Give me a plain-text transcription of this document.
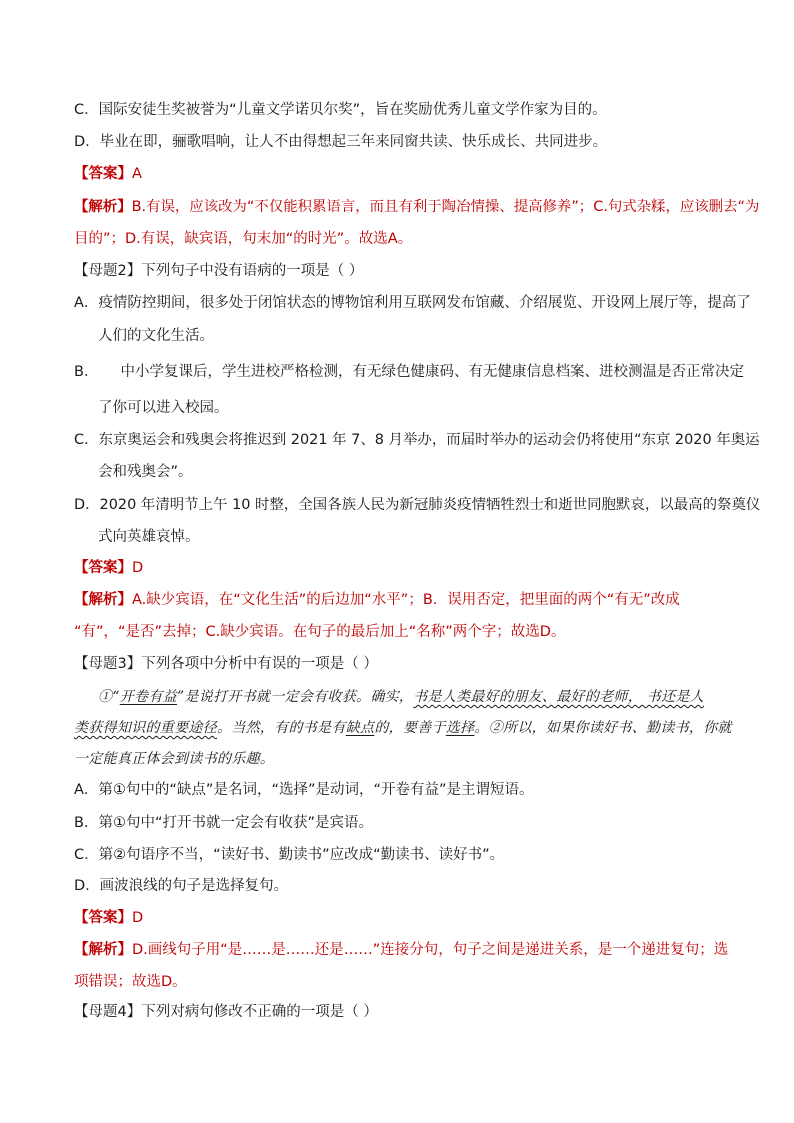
C．国际安徒生奖被誉为“儿童文学诺贝尔奖”，旨在奖励优秀儿童文学作家为目的。
D．毕业在即，骊歌唱响，让人不由得想起三年来同窗共读、快乐成长、共同进步。
【答案】A
【解析】B.有误，应该改为“不仅能积累语言，而且有利于陶冶情操、提高修养”；C.句式杂糅，应该删去“为
目的”；D.有误，缺宾语，句末加“的时光”。故选A。
【母题2】下列句子中没有语病的一项是（ ）
A．疫情防控期间，很多处于闭馆状态的博物馆利用互联网发布馆藏、介绍展览、开设网上展厅等，提高了
人们的文化生活。
B． 中小学复课后，学生进校严格检测，有无绿色健康码、有无健康信息档案、进校测温是否正常决定
了你可以进入校园。
C．东京奥运会和残奥会将推迟到 2021 年 7、8 月举办，而届时举办的运动会仍将使用“东京 2020 年奥运
会和残奥会”。
D．2020 年清明节上午 10 时整，全国各族人民为新冠肺炎疫情牺牲烈士和逝世同胞默哀，以最高的祭奠仪
式向英雄哀悼。
【答案】D
【解析】A.缺少宾语，在“文化生活”的后边加“水平”；B．误用否定，把里面的两个“有无”改成
“有”，“是否”去掉；C.缺少宾语。在句子的最后加上“名称”两个字；故选D。
【母题3】下列各项中分析中有误的一项是（ ）
①“开卷有益”是说打开书就一定会有收获。确实，书是人类最好的朋友、最好的老师， 书还是人
类获得知识的重要途径。当然，有的书是有缺点的，要善于选择。②所以，如果你读好书、勤读书，你就
一定能真正体会到读书的乐趣。
A．第①句中的“缺点”是名词，“选择”是动词，“开卷有益”是主谓短语。
B．第①句中“打开书就一定会有收获”是宾语。
C．第②句语序不当，“读好书、勤读书”应改成“勤读书、读好书”。
D．画波浪线的句子是选择复句。
【答案】D
【解析】D.画线句子用“是……是……还是……”连接分句，句子之间是递进关系，是一个递进复句；选
项错误；故选D。
【母题4】下列对病句修改不正确的一项是（ ）
